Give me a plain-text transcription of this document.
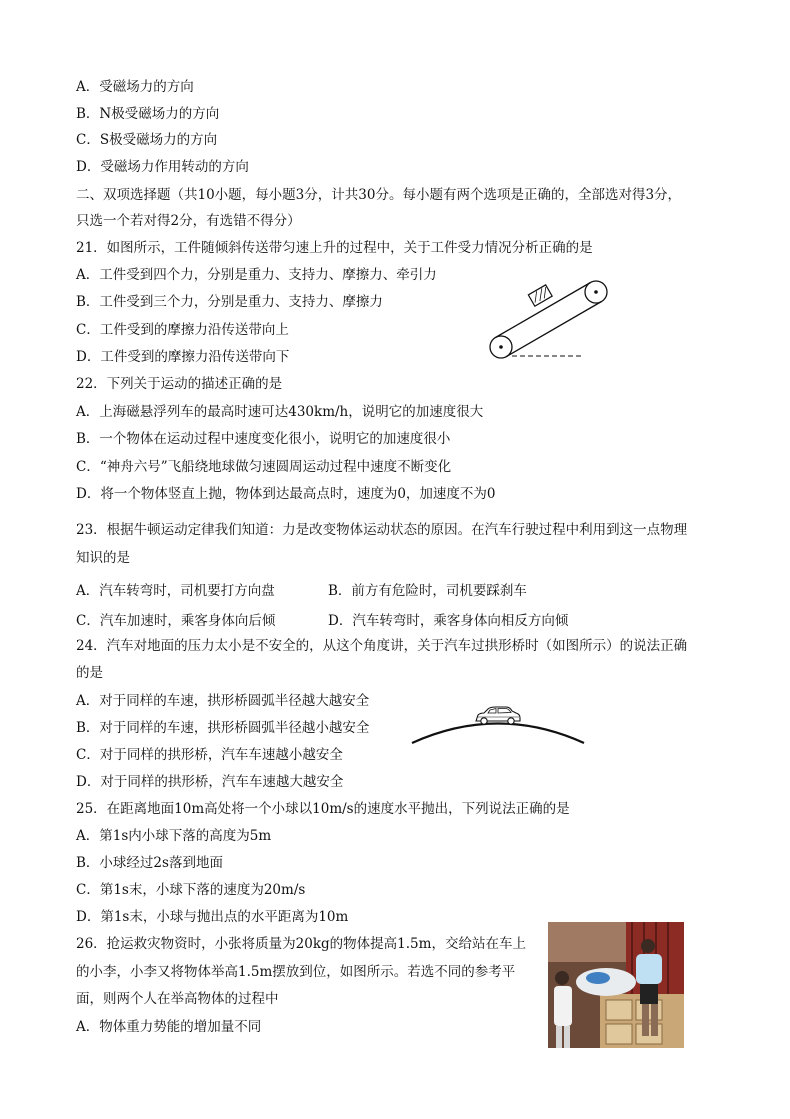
A．受磁场力的方向
B．N极受磁场力的方向
C．S极受磁场力的方向
D．受磁场力作用转动的方向
二、双项选择题（共10小题，每小题3分，计共30分。每小题有两个选项是正确的，全部选对得3分，
只选一个若对得2分，有选错不得分）
21．如图所示，工件随倾斜传送带匀速上升的过程中，关于工件受力情况分析正确的是
A．工件受到四个力，分别是重力、支持力、摩擦力、牵引力
B．工件受到三个力，分别是重力、支持力、摩擦力
C．工件受到的摩擦力沿传送带向上
D．工件受到的摩擦力沿传送带向下
22．下列关于运动的描述正确的是
A．上海磁悬浮列车的最高时速可达430km/h，说明它的加速度很大
B．一个物体在运动过程中速度变化很小，说明它的加速度很小
C．“神舟六号”飞船绕地球做匀速圆周运动过程中速度不断变化
D．将一个物体竖直上抛，物体到达最高点时，速度为0，加速度不为0
23．根据牛顿运动定律我们知道：力是改变物体运动状态的原因。在汽车行驶过程中利用到这一点物理
知识的是
A．汽车转弯时，司机要打方向盘	B．前方有危险时，司机要踩刹车
C．汽车加速时，乘客身体向后倾	D．汽车转弯时，乘客身体向相反方向倾
24．汽车对地面的压力太小是不安全的，从这个角度讲，关于汽车过拱形桥时（如图所示）的说法正确
的是
A．对于同样的车速，拱形桥圆弧半径越大越安全
B．对于同样的车速，拱形桥圆弧半径越小越安全
C．对于同样的拱形桥，汽车车速越小越安全
D．对于同样的拱形桥，汽车车速越大越安全
25．在距离地面10m高处将一个小球以10m/s的速度水平抛出，下列说法正确的是
A．第1s内小球下落的高度为5m
B．小球经过2s落到地面
C．第1s末，小球下落的速度为20m/s
D．第1s末，小球与抛出点的水平距离为10m
26．抢运救灾物资时，小张将质量为20kg的物体提高1.5m，交给站在车上
的小李，小李又将物体举高1.5m摆放到位，如图所示。若选不同的参考平
面，则两个人在举高物体的过程中
A．物体重力势能的增加量不同
